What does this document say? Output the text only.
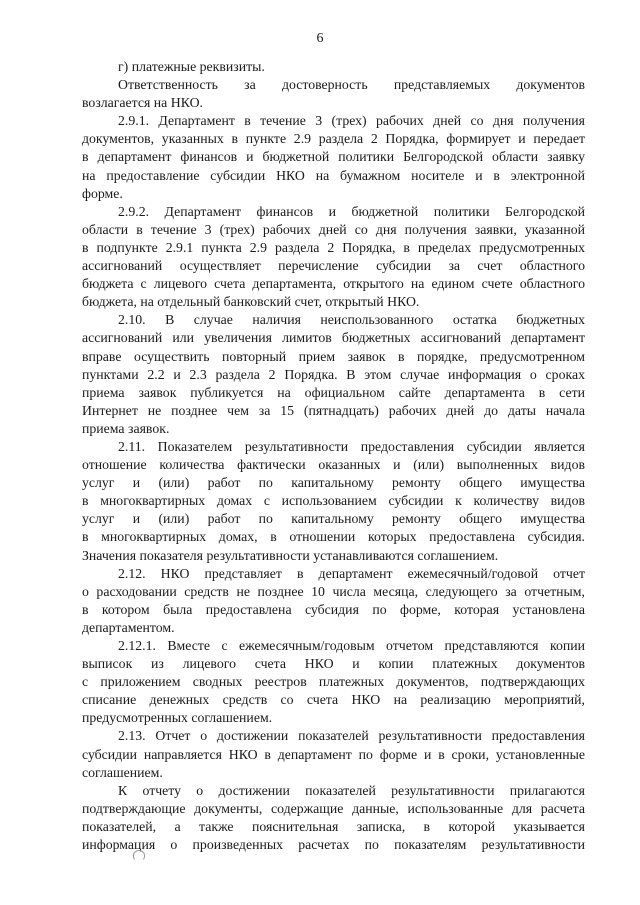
6
г) платежные реквизиты.
Ответственность за достоверность представляемых документов
возлагается на НКО.
2.9.1. Департамент в течение 3 (трех) рабочих дней со дня получения
документов, указанных в пункте 2.9 раздела 2 Порядка, формирует и передает
в департамент финансов и бюджетной политики Белгородской области заявку
на предоставление субсидии НКО на бумажном носителе и в электронной
форме.
2.9.2. Департамент финансов и бюджетной политики Белгородской
области в течение 3 (трех) рабочих дней со дня получения заявки, указанной
в подпункте 2.9.1 пункта 2.9 раздела 2 Порядка, в пределах предусмотренных
ассигнований осуществляет перечисление субсидии за счет областного
бюджета с лицевого счета департамента, открытого на едином счете областного
бюджета, на отдельный банковский счет, открытый НКО.
2.10. В случае наличия неиспользованного остатка бюджетных
ассигнований или увеличения лимитов бюджетных ассигнований департамент
вправе осуществить повторный прием заявок в порядке, предусмотренном
пунктами 2.2 и 2.3 раздела 2 Порядка. В этом случае информация о сроках
приема заявок публикуется на официальном сайте департамента в сети
Интернет не позднее чем за 15 (пятнадцать) рабочих дней до даты начала
приема заявок.
2.11. Показателем результативности предоставления субсидии является
отношение количества фактически оказанных и (или) выполненных видов
услуг и (или) работ по капитальному ремонту общего имущества
в многоквартирных домах с использованием субсидии к количеству видов
услуг и (или) работ по капитальному ремонту общего имущества
в многоквартирных домах, в отношении которых предоставлена субсидия.
Значения показателя результативности устанавливаются соглашением.
2.12. НКО представляет в департамент ежемесячный/годовой отчет
о расходовании средств не позднее 10 числа месяца, следующего за отчетным,
в котором была предоставлена субсидия по форме, которая установлена
департаментом.
2.12.1. Вместе с ежемесячным/годовым отчетом представляются копии
выписок из лицевого счета НКО и копии платежных документов
с приложением сводных реестров платежных документов, подтверждающих
списание денежных средств со счета НКО на реализацию мероприятий,
предусмотренных соглашением.
2.13. Отчет о достижении показателей результативности предоставления
субсидии направляется НКО в департамент по форме и в сроки, установленные
соглашением.
К отчету о достижении показателей результативности прилагаются
подтверждающие документы, содержащие данные, использованные для расчета
показателей, а также пояснительная записка, в которой указывается
информация о произведенных расчетах по показателям результативности
